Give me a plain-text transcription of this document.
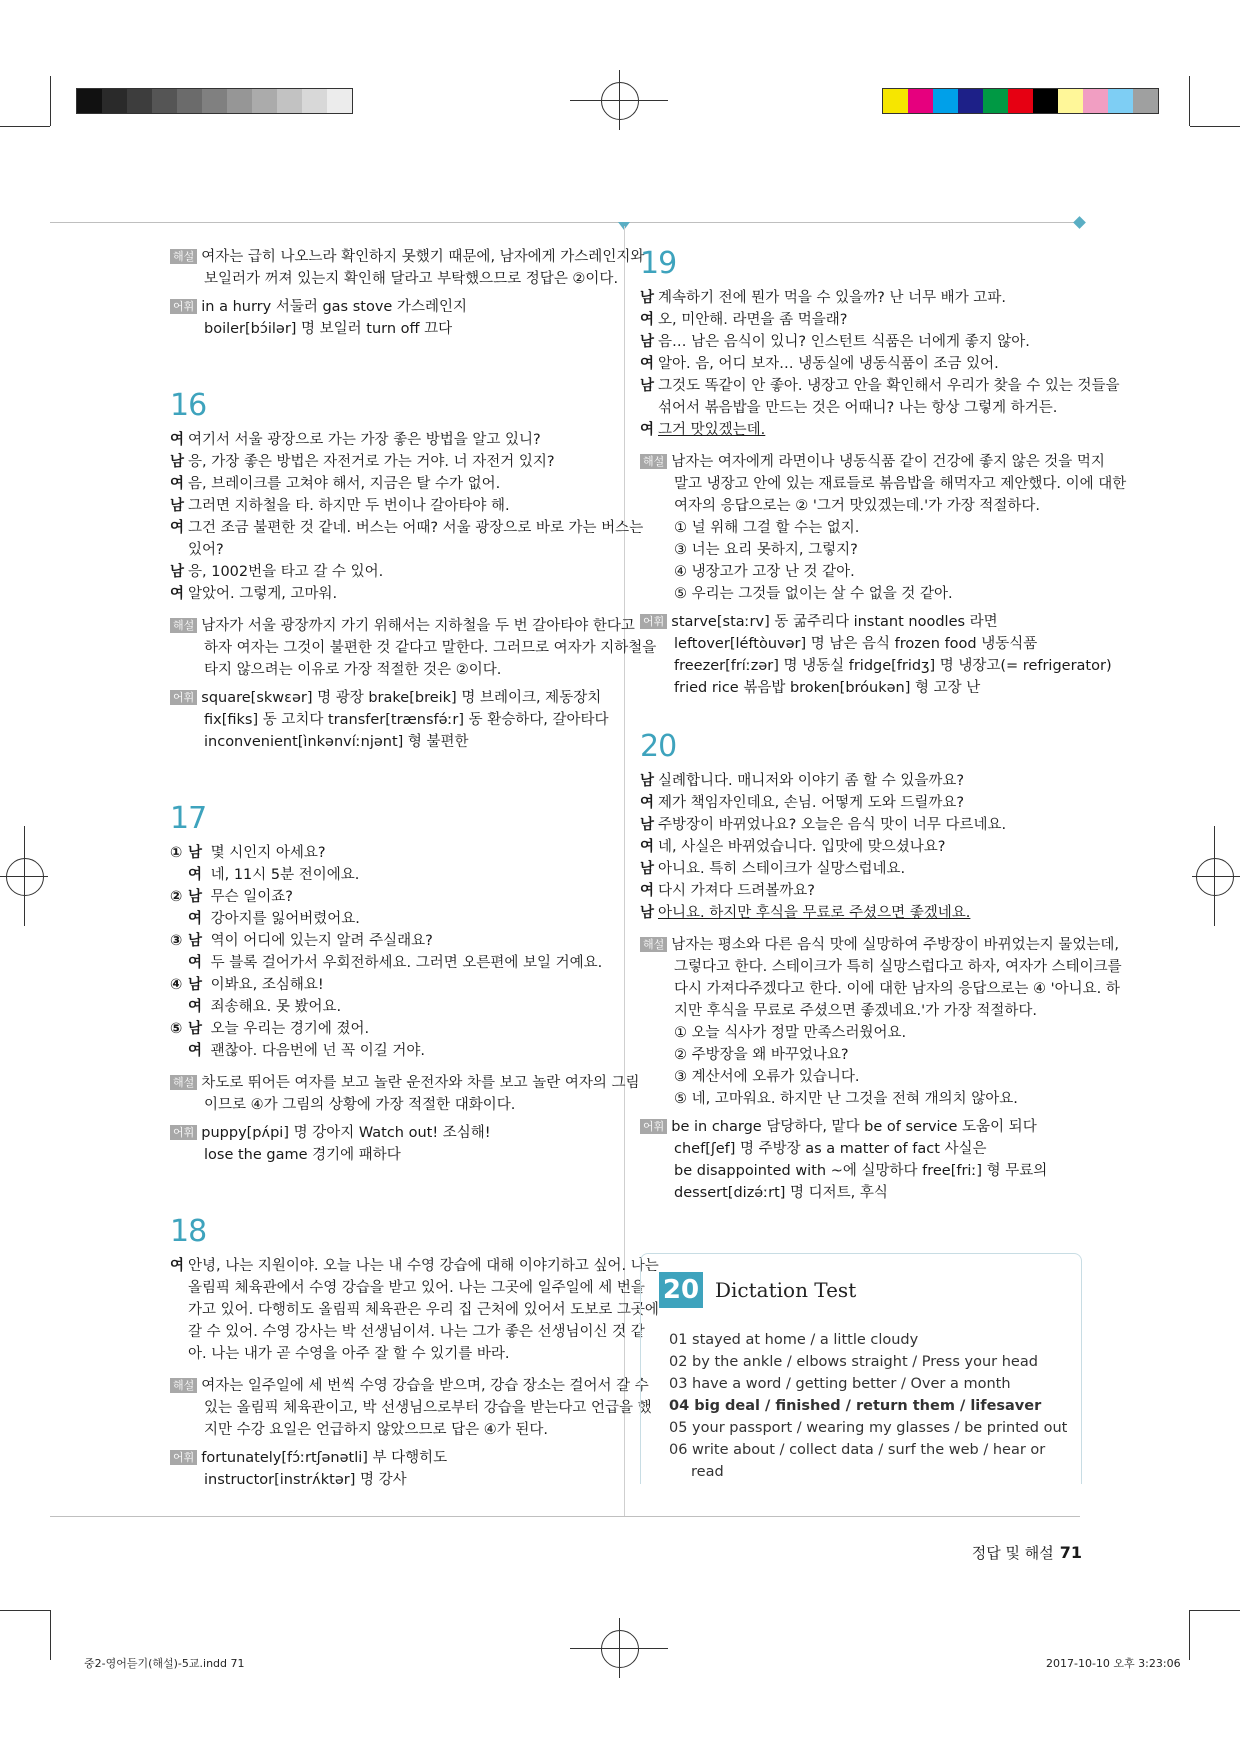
해설 여자는 급히 나오느라 확인하지 못했기 때문에, 남자에게 가스레인지와

보일러가 꺼져 있는지 확인해 달라고 부탁했으므로 정답은 ②이다.

어휘 in a hurry 서둘러 gas stove 가스레인지

boiler[bɔ́ilər] 명 보일러 turn off 끄다

16

여 여기서 서울 광장으로 가는 가장 좋은 방법을 알고 있니?

남 응, 가장 좋은 방법은 자전거로 가는 거야. 너 자전거 있지?

여 음, 브레이크를 고쳐야 해서, 지금은 탈 수가 없어.

남 그러면 지하철을 타. 하지만 두 번이나 갈아타야 해.

여 그건 조금 불편한 것 같네. 버스는 어때? 서울 광장으로 바로 가는 버스는

있어?

남 응, 1002번을 타고 갈 수 있어.

여 알았어. 그렇게, 고마워.

해설 남자가 서울 광장까지 가기 위해서는 지하철을 두 번 갈아타야 한다고

하자 여자는 그것이 불편한 것 같다고 말한다. 그러므로 여자가 지하철을

타지 않으려는 이유로 가장 적절한 것은 ②이다.

어휘 square[skwɛər] 명 광장 brake[breik] 명 브레이크, 제동장치

fix[fiks] 동 고치다 transfer[trænsfə́ːr] 동 환승하다, 갈아타다

inconvenient[ìnkənvíːnjənt] 형 불편한

17

① 남 몇 시인지 아세요?

여 네, 11시 5분 전이에요.

② 남 무슨 일이죠?

여 강아지를 잃어버렸어요.

③ 남 역이 어디에 있는지 알려 주실래요?

여 두 블록 걸어가서 우회전하세요. 그러면 오른편에 보일 거예요.

④ 남 이봐요, 조심해요!

여 죄송해요. 못 봤어요.

⑤ 남 오늘 우리는 경기에 졌어.

여 괜찮아. 다음번에 넌 꼭 이길 거야.

해설 차도로 뛰어든 여자를 보고 놀란 운전자와 차를 보고 놀란 여자의 그림

이므로 ④가 그림의 상황에 가장 적절한 대화이다.

어휘 puppy[pʌ́pi] 명 강아지 Watch out! 조심해!

lose the game 경기에 패하다

18

여 안녕, 나는 지원이야. 오늘 나는 내 수영 강습에 대해 이야기하고 싶어. 나는

올림픽 체육관에서 수영 강습을 받고 있어. 나는 그곳에 일주일에 세 번을

가고 있어. 다행히도 올림픽 체육관은 우리 집 근처에 있어서 도보로 그곳에

갈 수 있어. 수영 강사는 박 선생님이셔. 나는 그가 좋은 선생님이신 것 같

아. 나는 내가 곧 수영을 아주 잘 할 수 있기를 바라.

해설 여자는 일주일에 세 번씩 수영 강습을 받으며, 강습 장소는 걸어서 갈 수

있는 올림픽 체육관이고, 박 선생님으로부터 강습을 받는다고 언급을 했

지만 수강 요일은 언급하지 않았으므로 답은 ④가 된다.

어휘 fortunately[fɔ́ːrtʃənətli] 부 다행히도

instructor[instrʌ́ktər] 명 강사

19

남 계속하기 전에 뭔가 먹을 수 있을까? 난 너무 배가 고파.

여 오, 미안해. 라면을 좀 먹을래?

남 음… 남은 음식이 있니? 인스턴트 식품은 너에게 좋지 않아.

여 알아. 음, 어디 보자… 냉동실에 냉동식품이 조금 있어.

남 그것도 똑같이 안 좋아. 냉장고 안을 확인해서 우리가 찾을 수 있는 것들을

섞어서 볶음밥을 만드는 것은 어때니? 나는 항상 그렇게 하거든.

여 그거 맛있겠는데.

해설 남자는 여자에게 라면이나 냉동식품 같이 건강에 좋지 않은 것을 먹지

말고 냉장고 안에 있는 재료들로 볶음밥을 해먹자고 제안했다. 이에 대한

여자의 응답으로는 ② '그거 맛있겠는데.'가 가장 적절하다.

① 널 위해 그걸 할 수는 없지.

③ 너는 요리 못하지, 그렇지?

④ 냉장고가 고장 난 것 같아.

⑤ 우리는 그것들 없이는 살 수 없을 것 같아.

어휘 starve[staːrv] 동 굶주리다 instant noodles 라면

leftover[léftòuvər] 명 남은 음식 frozen food 냉동식품

freezer[fríːzər] 명 냉동실 fridge[fridʒ] 명 냉장고(= refrigerator)

fried rice 볶음밥 broken[bróukən] 형 고장 난

20

남 실례합니다. 매니저와 이야기 좀 할 수 있을까요?

여 제가 책임자인데요, 손님. 어떻게 도와 드릴까요?

남 주방장이 바뀌었나요? 오늘은 음식 맛이 너무 다르네요.

여 네, 사실은 바뀌었습니다. 입맛에 맞으셨나요?

남 아니요. 특히 스테이크가 실망스럽네요.

여 다시 가져다 드려볼까요?

남 아니요. 하지만 후식을 무료로 주셨으면 좋겠네요.

해설 남자는 평소와 다른 음식 맛에 실망하여 주방장이 바뀌었는지 물었는데,

그렇다고 한다. 스테이크가 특히 실망스럽다고 하자, 여자가 스테이크를

다시 가져다주겠다고 한다. 이에 대한 남자의 응답으로는 ④ '아니요. 하

지만 후식을 무료로 주셨으면 좋겠네요.'가 가장 적절하다.

① 오늘 식사가 정말 만족스러웠어요.

② 주방장을 왜 바꾸었나요?

③ 계산서에 오류가 있습니다.

⑤ 네, 고마워요. 하지만 난 그것을 전혀 개의치 않아요.

어휘 be in charge 담당하다, 맡다 be of service 도움이 되다

chef[ʃef] 명 주방장 as a matter of fact 사실은

be disappointed with ~에 실망하다 free[friː] 형 무료의

dessert[dizə́ːrt] 명 디저트, 후식

20 Dictation Test

01 stayed at home / a little cloudy

02 by the ankle / elbows straight / Press your head

03 have a word / getting better / Over a month

04 big deal / finished / return them / lifesaver

05 your passport / wearing my glasses / be printed out

06 write about / collect data / surf the web / hear or

read

정답 및 해설 71
중2-영어듣기(해설)-5교.indd 71	2017-10-10 오후 3:23:06
